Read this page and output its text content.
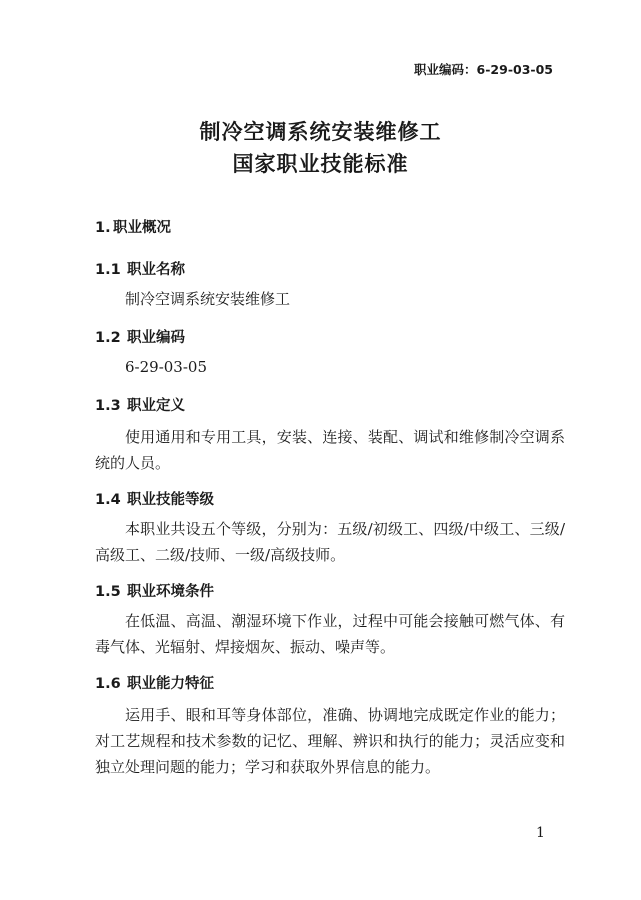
职业编码：6-29-03-05
制冷空调系统安装维修工
国家职业技能标准
1. 职业概况
1.1 职业名称
制冷空调系统安装维修工
1.2 职业编码
6-29-03-05
1.3 职业定义
使用通用和专用工具，安装、连接、装配、调试和维修制冷空调系统的人员。
1.4 职业技能等级
本职业共设五个等级，分别为：五级/初级工、四级/中级工、三级/高级工、二级/技师、一级/高级技师。
1.5 职业环境条件
在低温、高温、潮湿环境下作业，过程中可能会接触可燃气体、有毒气体、光辐射、焊接烟灰、振动、噪声等。
1.6 职业能力特征
运用手、眼和耳等身体部位，准确、协调地完成既定作业的能力；对工艺规程和技术参数的记忆、理解、辨识和执行的能力；灵活应变和独立处理问题的能力；学习和获取外界信息的能力。
1
